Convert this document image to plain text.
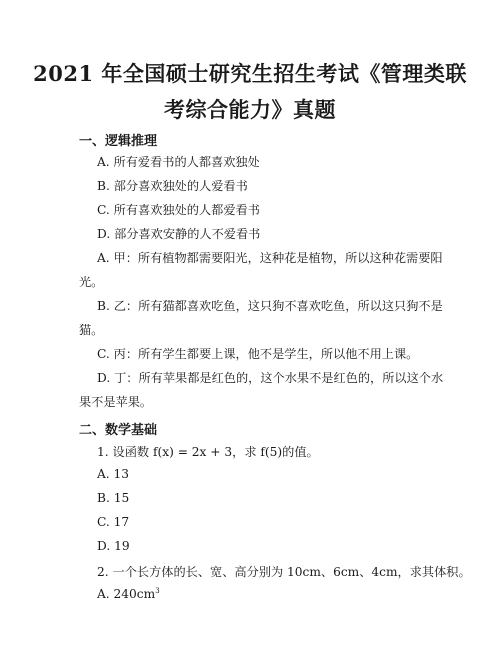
2021 年全国硕士研究生招生考试《管理类联
考综合能力》真题
一、逻辑推理
A. 所有爱看书的人都喜欢独处
B. 部分喜欢独处的人爱看书
C. 所有喜欢独处的人都爱看书
D. 部分喜欢安静的人不爱看书
A. 甲：所有植物都需要阳光，这种花是植物，所以这种花需要阳
光。
B. 乙：所有猫都喜欢吃鱼，这只狗不喜欢吃鱼，所以这只狗不是
猫。
C. 丙：所有学生都要上课，他不是学生，所以他不用上课。
D. 丁：所有苹果都是红色的，这个水果不是红色的，所以这个水
果不是苹果。
二、数学基础
1. 设函数 f(x) = 2x + 3，求 f(5)的值。
A. 13
B. 15
C. 17
D. 19
2. 一个长方体的长、宽、高分别为 10cm、6cm、4cm，求其体积。
A. $240cm^3$
